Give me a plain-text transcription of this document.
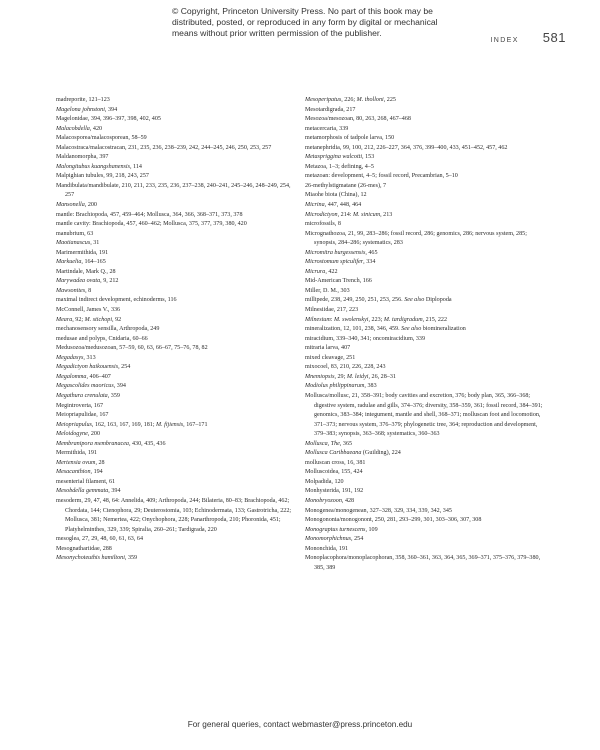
© Copyright, Princeton University Press. No part of this book may be
distributed, posted, or reproduced in any form by digital or mechanical
means without prior written permission of the publisher.
INDEX 581
madreporite, 121–123
Magelona johnstoni, 394
Magelonidae, 394, 396–397, 398, 402, 405
Malacobdella, 420
Malacosporea/malacosporean, 58–59
Malacostraca/malacostracan, 231, 235, 236, 238–239, 242, 244–245, 246, 250, 253, 257
Maldanomorpha, 397
Malongitubus kuangshanensis, 114
Malpighian tubules, 99, 218, 243, 257
Mandibulata/mandibulate, 210, 211, 233, 235, 236, 237–238, 240–241, 245–246, 248–249, 254, 257
Mansonella, 200
mantle: Brachiopoda, 457, 459–464; Mollusca, 364, 366, 368–371, 373, 378
mantle cavity: Brachiopoda, 457, 460–462; Mollusca, 375, 377, 379, 380, 420
manubrium, 63
Maotianascus, 31
Marimermithida, 191
Markuelia, 164–165
Martindale, Mark Q., 28
Marywadea ovata, 9, 212
Mawsonites, 8
maximal indirect development, echinoderms, 116
McConnell, James V., 336
Meara, 92; M. stichopi, 92
mechanosensory sensilla, Arthropoda, 249
medusae and polyps, Cnidaria, 60–66
Medusozoa/medusozoan, 57–59, 60, 63, 66–67, 75–76, 78, 82
Megadasys, 313
Megadictyon haikouensis, 254
Megalomma, 406–407
Megascolides maoricus, 394
Megathura crenulata, 359
Megintroverta, 167
Meiopriapulidae, 167
Meiopriapulus, 162, 163, 167, 169, 181; M. fijiensis, 167–171
Meloidogyne, 200
Membranipora membranacea, 430, 435, 436
Mermithida, 191
Mertensia ovum, 28
Mesacanthion, 194
mesenterial filament, 61
Mesobdella gemmata, 394
mesoderm, 29, 47, 48, 64: Annelida, 409; Arthropoda, 244; Bilateria, 80–83; Brachiopoda, 462; Chordata, 144; Ctenophora, 29; Deuterostomia, 103; Echinodermata, 133; Gastrotricha, 222; Mollusca, 381; Nemertea, 422; Onychophora, 228; Panarthropoda, 210; Phoronida, 451; Platyhelminthes, 329, 339; Spiralia, 260–261; Tardigrada, 220
mesoglea, 27, 29, 48, 60, 61, 63, 64
Mesognathariidae, 288
Mesonychoteuthis hamiltoni, 359
Mesoperipatus, 226; M. tholloni, 225
Mesotardigrada, 217
Mesozoa/mesozoan, 80, 263, 268, 467–468
metacercaria, 339
metamorphosis of tadpole larva, 150
metanephridia, 99, 100, 212, 226–227, 364, 376, 399–400, 433, 451–452, 457, 462
Metaspriggina walcotti, 153
Metazoa, 1–3; defining, 4–5
metazoan: development, 4–5; fossil record, Precambrian, 5–10
26-methylstigmatane (26-mes), 7
Miaohe biota (China), 12
Micrina, 447, 448, 464
Microdictyon, 214: M. sinicum, 213
microfossils, 8
Micrognathozoa, 21, 99, 283–286; fossil record, 286; genomics, 286; nervous system, 285; synopsis, 284–286; systematics, 283
Micromitra burgessensis, 465
Microstomum spiculifer, 334
Micrura, 422
Mid-American Trench, 166
Miller, D. M., 303
millipede, 238, 249, 250, 251, 253, 256. See also Diplopoda
Milnesiidae, 217, 223
Milnesium: M. swolenskyi, 223; M. tardigradum, 215, 222
mineralization, 12, 101, 238, 346, 459. See also biomineralization
miracidium, 339–340, 341; oncomiracidium, 339
mitraria larva, 407
mixed cleavage, 251
mixocoel, 83, 210, 226, 228, 243
Mnemiopsis, 29; M. leidyi, 26, 28–31
Modiolus philippinarum, 383
Mollusca/mollusc, 21, 358–391; body cavities and excretion, 376; body plan, 365, 366–368; digestive system, radulae and gills, 374–376; diversity, 358–359, 361; fossil record, 384–391; genomics, 383–384; integument, mantle and shell, 368–371; molluscan foot and locomotion, 371–373; nervous system, 376–379; phylogenetic tree, 364; reproduction and development, 379–383; synopsis, 363–368; systematics, 360–363
Mollusca, The, 365
Mollusca Caribbaeana (Guilding), 224
molluscan cross, 16, 381
Molluscoidea, 155, 424
Molpadida, 120
Monhysterida, 191, 192
Monobryozoon, 428
Monogenea/monogenean, 327–328, 329, 334, 339, 342, 345
Monogononta/monogonont, 250, 281, 293–299, 301, 303–306, 307, 308
Monograptus turnescens, 109
Monomorphichnus, 254
Mononchida, 191
Monoplacophora/monoplacophoran, 358, 360–361, 363, 364, 365, 369–371, 375–376, 379–380, 385, 389
For general queries, contact webmaster@press.princeton.edu
